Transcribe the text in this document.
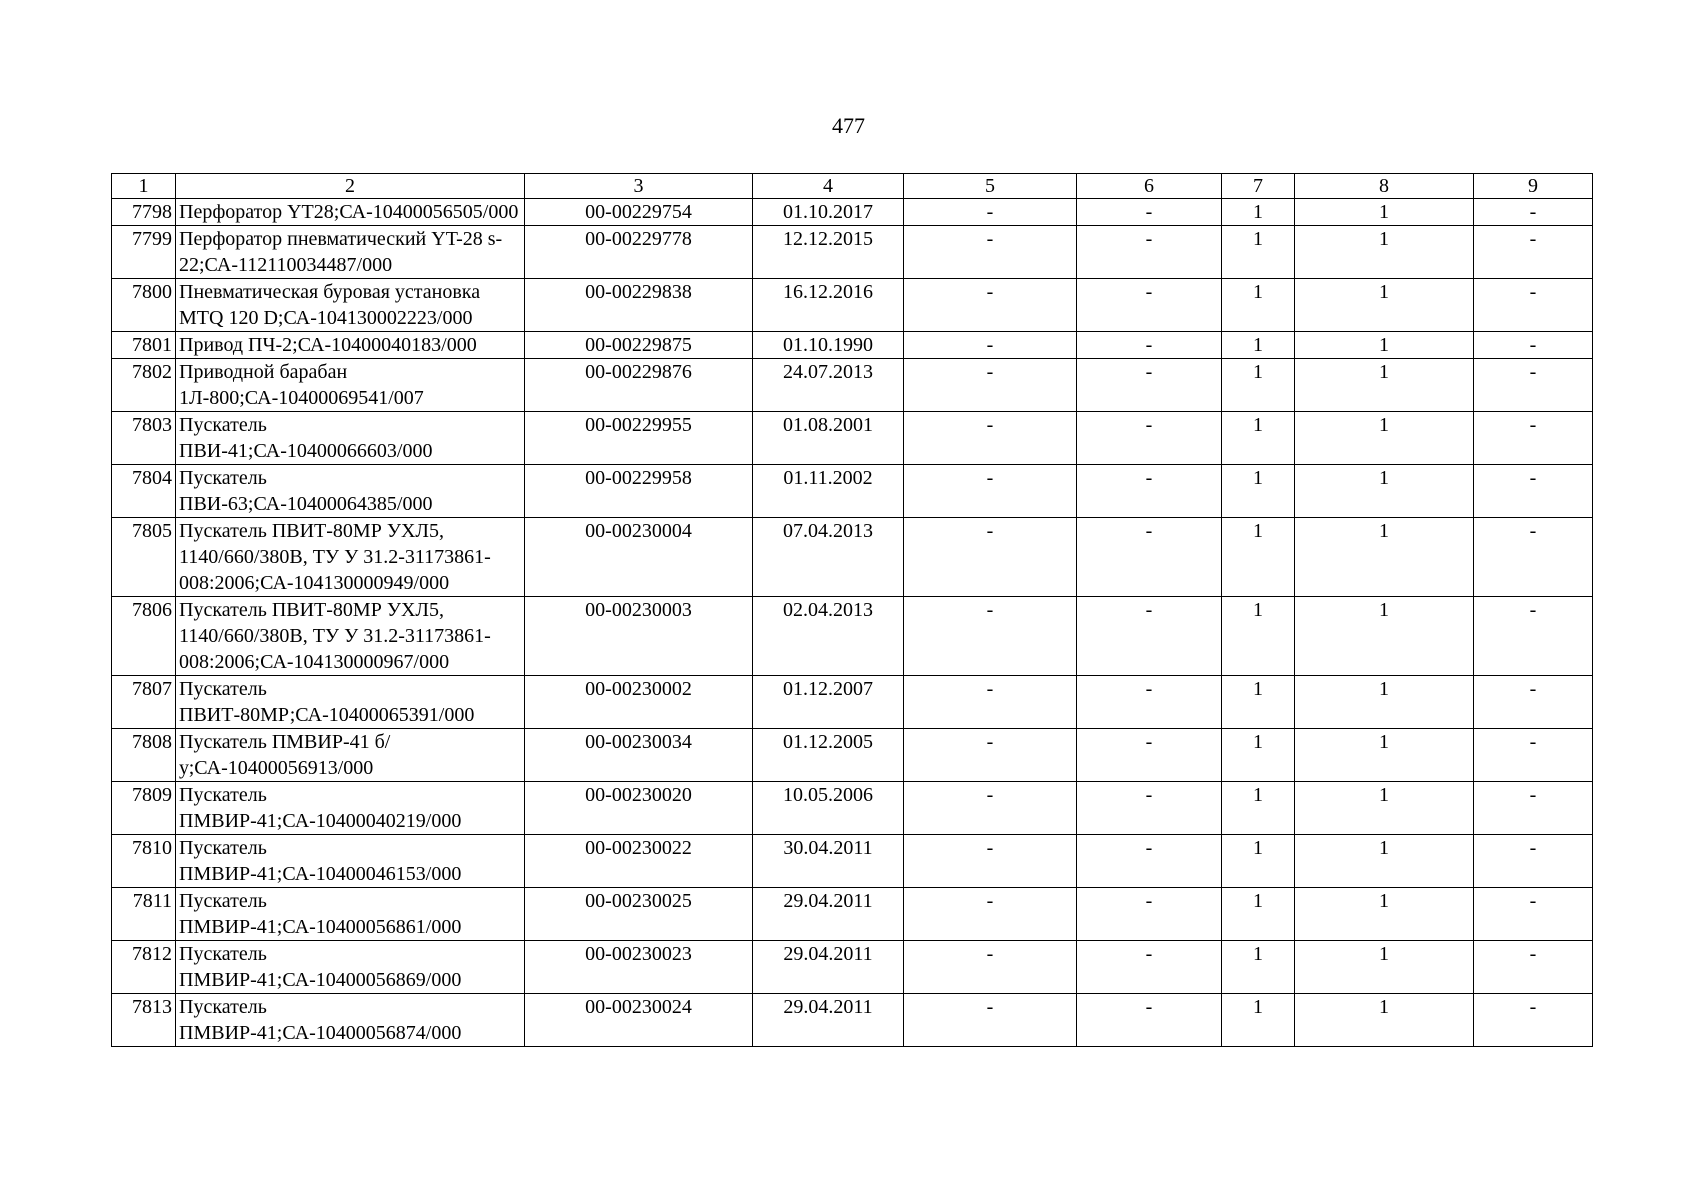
477
1	2	3	4	5	6	7	8	9
7798	Перфоратор YT28;СА-10400056505/000	00-00229754	01.10.2017	-	-	1	1	-
7799	Перфоратор пневматический YT-28 s-22;СА-112110034487/000	00-00229778	12.12.2015	-	-	1	1	-
7800	Пневматическая буровая установка MTQ 120 D;СА-104130002223/000	00-00229838	16.12.2016	-	-	1	1	-
7801	Привод ПЧ-2;СА-10400040183/000	00-00229875	01.10.1990	-	-	1	1	-
7802	Приводной барабан 1Л-800;СА-10400069541/007	00-00229876	24.07.2013	-	-	1	1	-
7803	Пускатель ПВИ-41;СА-10400066603/000	00-00229955	01.08.2001	-	-	1	1	-
7804	Пускатель ПВИ-63;СА-10400064385/000	00-00229958	01.11.2002	-	-	1	1	-
7805	Пускатель ПВИТ-80МР УХЛ5, 1140/660/380В, ТУ У 31.2-31173861-008:2006;СА-104130000949/000	00-00230004	07.04.2013	-	-	1	1	-
7806	Пускатель ПВИТ-80МР УХЛ5, 1140/660/380В, ТУ У 31.2-31173861-008:2006;СА-104130000967/000	00-00230003	02.04.2013	-	-	1	1	-
7807	Пускатель ПВИТ-80МР;СА-10400065391/000	00-00230002	01.12.2007	-	-	1	1	-
7808	Пускатель ПМВИР-41 б/у;СА-10400056913/000	00-00230034	01.12.2005	-	-	1	1	-
7809	Пускатель ПМВИР-41;СА-10400040219/000	00-00230020	10.05.2006	-	-	1	1	-
7810	Пускатель ПМВИР-41;СА-10400046153/000	00-00230022	30.04.2011	-	-	1	1	-
7811	Пускатель ПМВИР-41;СА-10400056861/000	00-00230025	29.04.2011	-	-	1	1	-
7812	Пускатель ПМВИР-41;СА-10400056869/000	00-00230023	29.04.2011	-	-	1	1	-
7813	Пускатель ПМВИР-41;СА-10400056874/000	00-00230024	29.04.2011	-	-	1	1	-
